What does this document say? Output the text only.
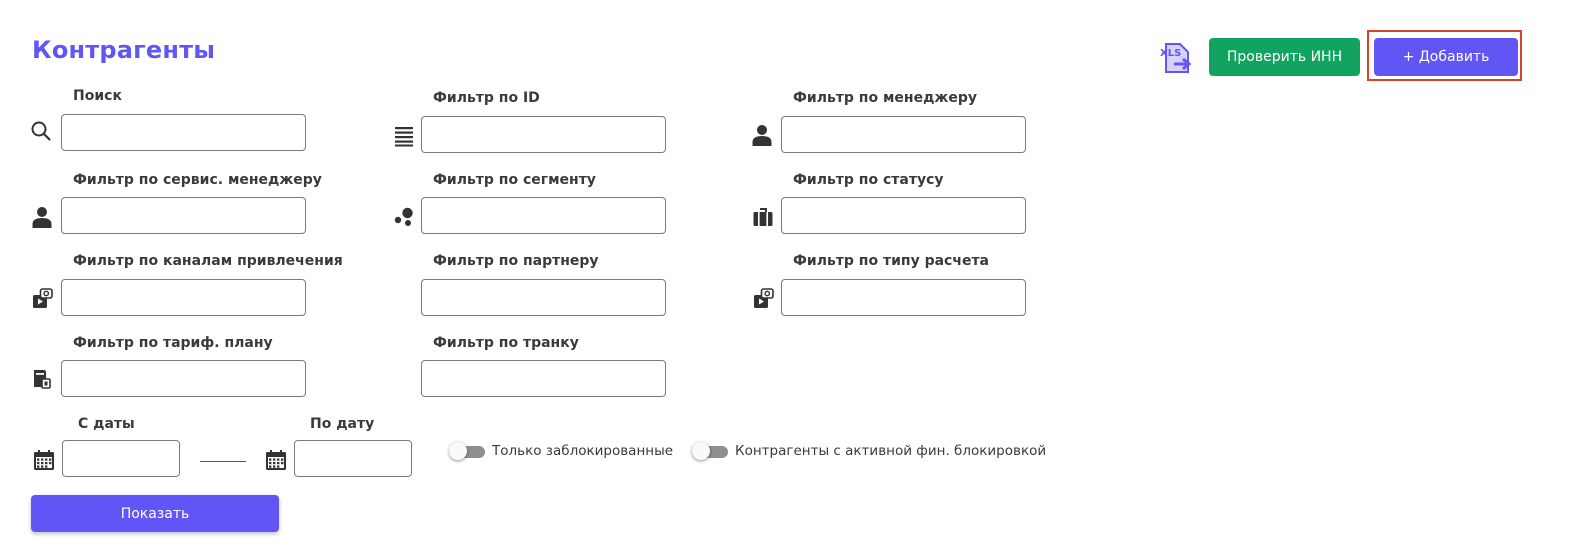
Контрагенты	XLS	Проверить ИНН	+ Добавить
Поиск	Фильтр по ID	Фильтр по менеджеру
Фильтр по сервис. менеджеру	Фильтр по сегменту	Фильтр по статусу
Фильтр по каналам привлечения	Фильтр по партнеру	Фильтр по типу расчета
Фильтр по тариф. плану	Фильтр по транку
С даты	По дату
Только заблокированные	Контрагенты с активной фин. блокировкой
Показать
